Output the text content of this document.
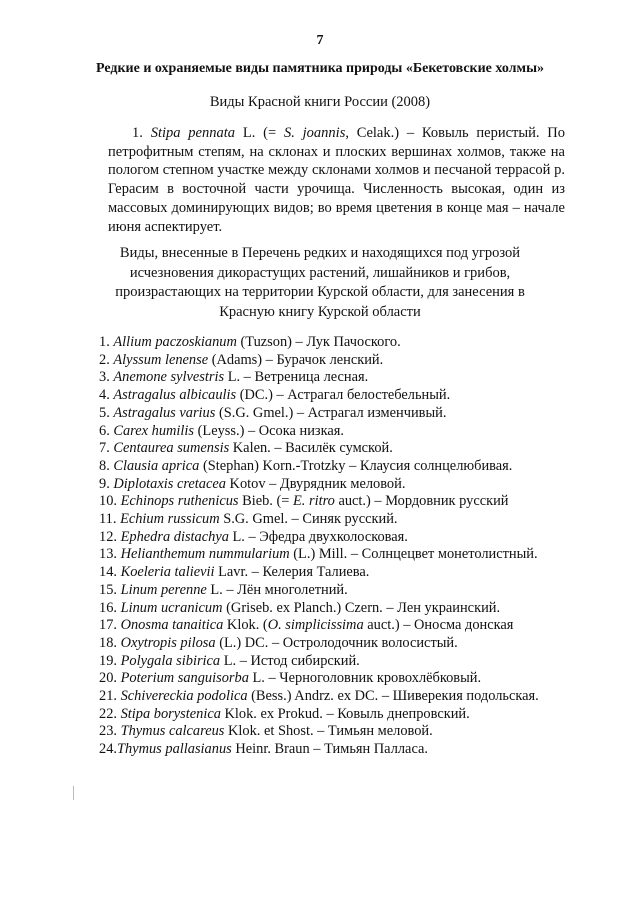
7
Редкие и охраняемые виды памятника природы «Бекетовские холмы»
Виды Красной книги России (2008)

1. Stipa pennata L. (= S. joannis, Celak.) – Ковыль перистый. По петрофитным степям, на склонах и плоских вершинах холмов, также на пологом степном участке между склонами холмов и песчаной террасой р. Герасим в восточной части урочища. Численность высокая, один из массовых доминирующих видов; во время цветения в конце мая – начале июня аспектирует.

Виды, внесенные в Перечень редких и находящихся под угрозой исчезновения дикорастущих растений, лишайников и грибов, произрастающих на территории Курской области, для занесения в Красную книгу Курской области

1. Allium paczoskianum (Tuzson) – Лук Пачоского.
2. Alyssum lenense (Adams) – Бурачок ленский.
3. Anemone sylvestris L. – Ветреница лесная.
4. Astragalus albicaulis (DC.) – Астрагал белостебельный.
5. Astragalus varius (S.G. Gmel.) – Астрагал изменчивый.
6. Carex humilis (Leyss.) – Осока низкая.
7. Centaurea sumensis Kalen. – Василёк сумской.
8. Clausia aprica (Stephan) Korn.-Trotzky – Клаусия солнцелюбивая.
9. Diplotaxis cretacea Kotov – Двурядник меловой.
10. Echinops ruthenicus Bieb. (= E. ritro auct.) – Мордовник русский
11. Echium russicum S.G. Gmel. – Синяк русский.
12. Ephedra distachya L. – Эфедра двухколосковая.
13. Helianthemum nummularium (L.) Mill. – Солнцецвет монетолистный.
14. Koeleria talievii Lavr. – Келерия Талиева.
15. Linum perenne L. – Лён многолетний.
16. Linum ucranicum (Griseb. ex Planch.) Czern. – Лен украинский.
17. Onosma tanaitica Klok. (O. simplicissima auct.) – Оносма донская
18. Oxytropis pilosa (L.) DC. – Остролодочник волосистый.
19. Polygala sibirica L. – Истод сибирский.
20. Poterium sanguisorba L. – Черноголовник кровохлёбковый.
21. Schivereckia podolica (Bess.) Andrz. ex DC. – Шиверекия подольская.
22. Stipa borystenica Klok. ex Prokud. – Ковыль днепровский.
23. Thymus calcareus Klok. et Shost. – Тимьян меловой.
24.Thymus pallasianus Heinr. Braun – Тимьян Палласа.
